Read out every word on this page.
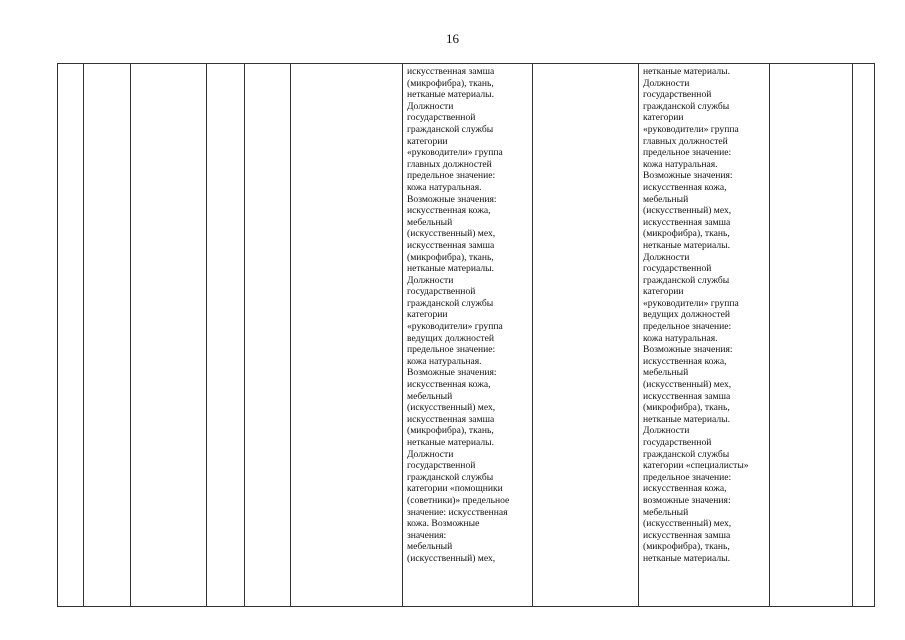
16

искусственная замша
(микрофибра), ткань,
нетканые материалы.
Должности
государственной
гражданской службы
категории
«руководители» группа
главных должностей
предельное значение:
кожа натуральная.
Возможные значения:
искусственная кожа,
мебельный
(искусственный) мех,
искусственная замша
(микрофибра), ткань,
нетканые материалы.
Должности
государственной
гражданской службы
категории
«руководители» группа
ведущих должностей
предельное значение:
кожа натуральная.
Возможные значения:
искусственная кожа,
мебельный
(искусственный) мех,
искусственная замша
(микрофибра), ткань,
нетканые материалы.
Должности
государственной
гражданской службы
категории «помощники
(советники)» предельное
значение: искусственная
кожа. Возможные
значения:
мебельный
(искусственный) мех,

нетканые материалы.
Должности
государственной
гражданской службы
категории
«руководители» группа
главных должностей
предельное значение:
кожа натуральная.
Возможные значения:
искусственная кожа,
мебельный
(искусственный) мех,
искусственная замша
(микрофибра), ткань,
нетканые материалы.
Должности
государственной
гражданской службы
категории
«руководители» группа
ведущих должностей
предельное значение:
кожа натуральная.
Возможные значения:
искусственная кожа,
мебельный
(искусственный) мех,
искусственная замша
(микрофибра), ткань,
нетканые материалы.
Должности
государственной
гражданской службы
категории «специалисты»
предельное значение:
искусственная кожа,
возможные значения:
мебельный
(искусственный) мех,
искусственная замша
(микрофибра), ткань,
нетканые материалы.
